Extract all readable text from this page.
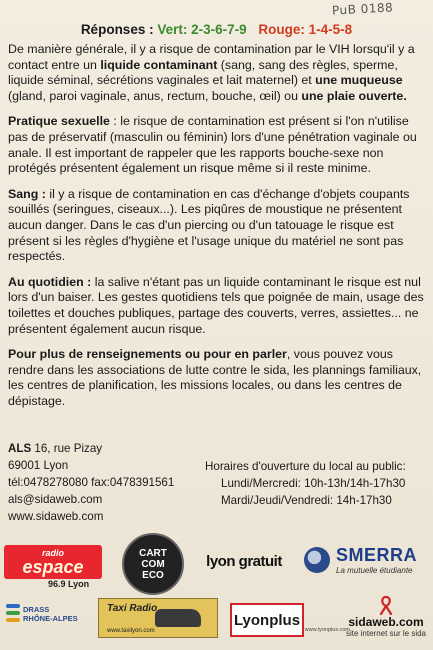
PuB 0188
Réponses : Vert: 2-3-6-7-9 Rouge: 1-4-5-8

De manière générale, il y a risque de contamination par le VIH lorsqu'il y a contact entre un liquide contaminant (sang, sang des règles, sperme, liquide séminal, sécrétions vaginales et lait maternel) et une muqueuse (gland, paroi vaginale, anus, rectum, bouche, œil) ou une plaie ouverte.

Pratique sexuelle : le risque de contamination est présent si l'on n'utilise pas de préservatif (masculin ou féminin) lors d'une pénétration vaginale ou anale. Il est important de rappeler que les rapports bouche-sexe non protégés présentent également un risque même si il reste minime.

Sang : il y a risque de contamination en cas d'échange d'objets coupants souillés (seringues, ciseaux...). Les piqûres de moustique ne présentent aucun danger. Dans le cas d'un piercing ou d'un tatouage le risque est présent si les règles d'hygiène et l'usage unique du matériel ne sont pas respectés.

Au quotidien : la salive n'étant pas un liquide contaminant le risque est nul lors d'un baiser. Les gestes quotidiens tels que poignée de main, usage des toilettes et douches publiques, partage des couverts, verres, assiettes... ne présentent également aucun risque.

Pour plus de renseignements ou pour en parler, vous pouvez vous rendre dans les associations de lutte contre le sida, les plannings familiaux, les centres de planification, les missions locales, ou dans les centres de dépistage.

ALS 16, rue Pizay
69001 Lyon
tél:0478278080 fax:0478391561
als@sidaweb.com
www.sidaweb.com
Horaires d'ouverture du local au public:
Lundi/Mercredi: 10h-13h/14h-17h30
Mardi/Jeudi/Vendredi: 14h-17h30
radio
espace
96.9 Lyon
CART
COM
ECO
lyon gratuit	SMERRA
La mutuelle étudiante
DRASS
RHÔNE-ALPES
Taxi Radio
www.taxilyon.com
Lyonplus
www.lyonplus.com
sidaweb.com
site internet sur le sida
